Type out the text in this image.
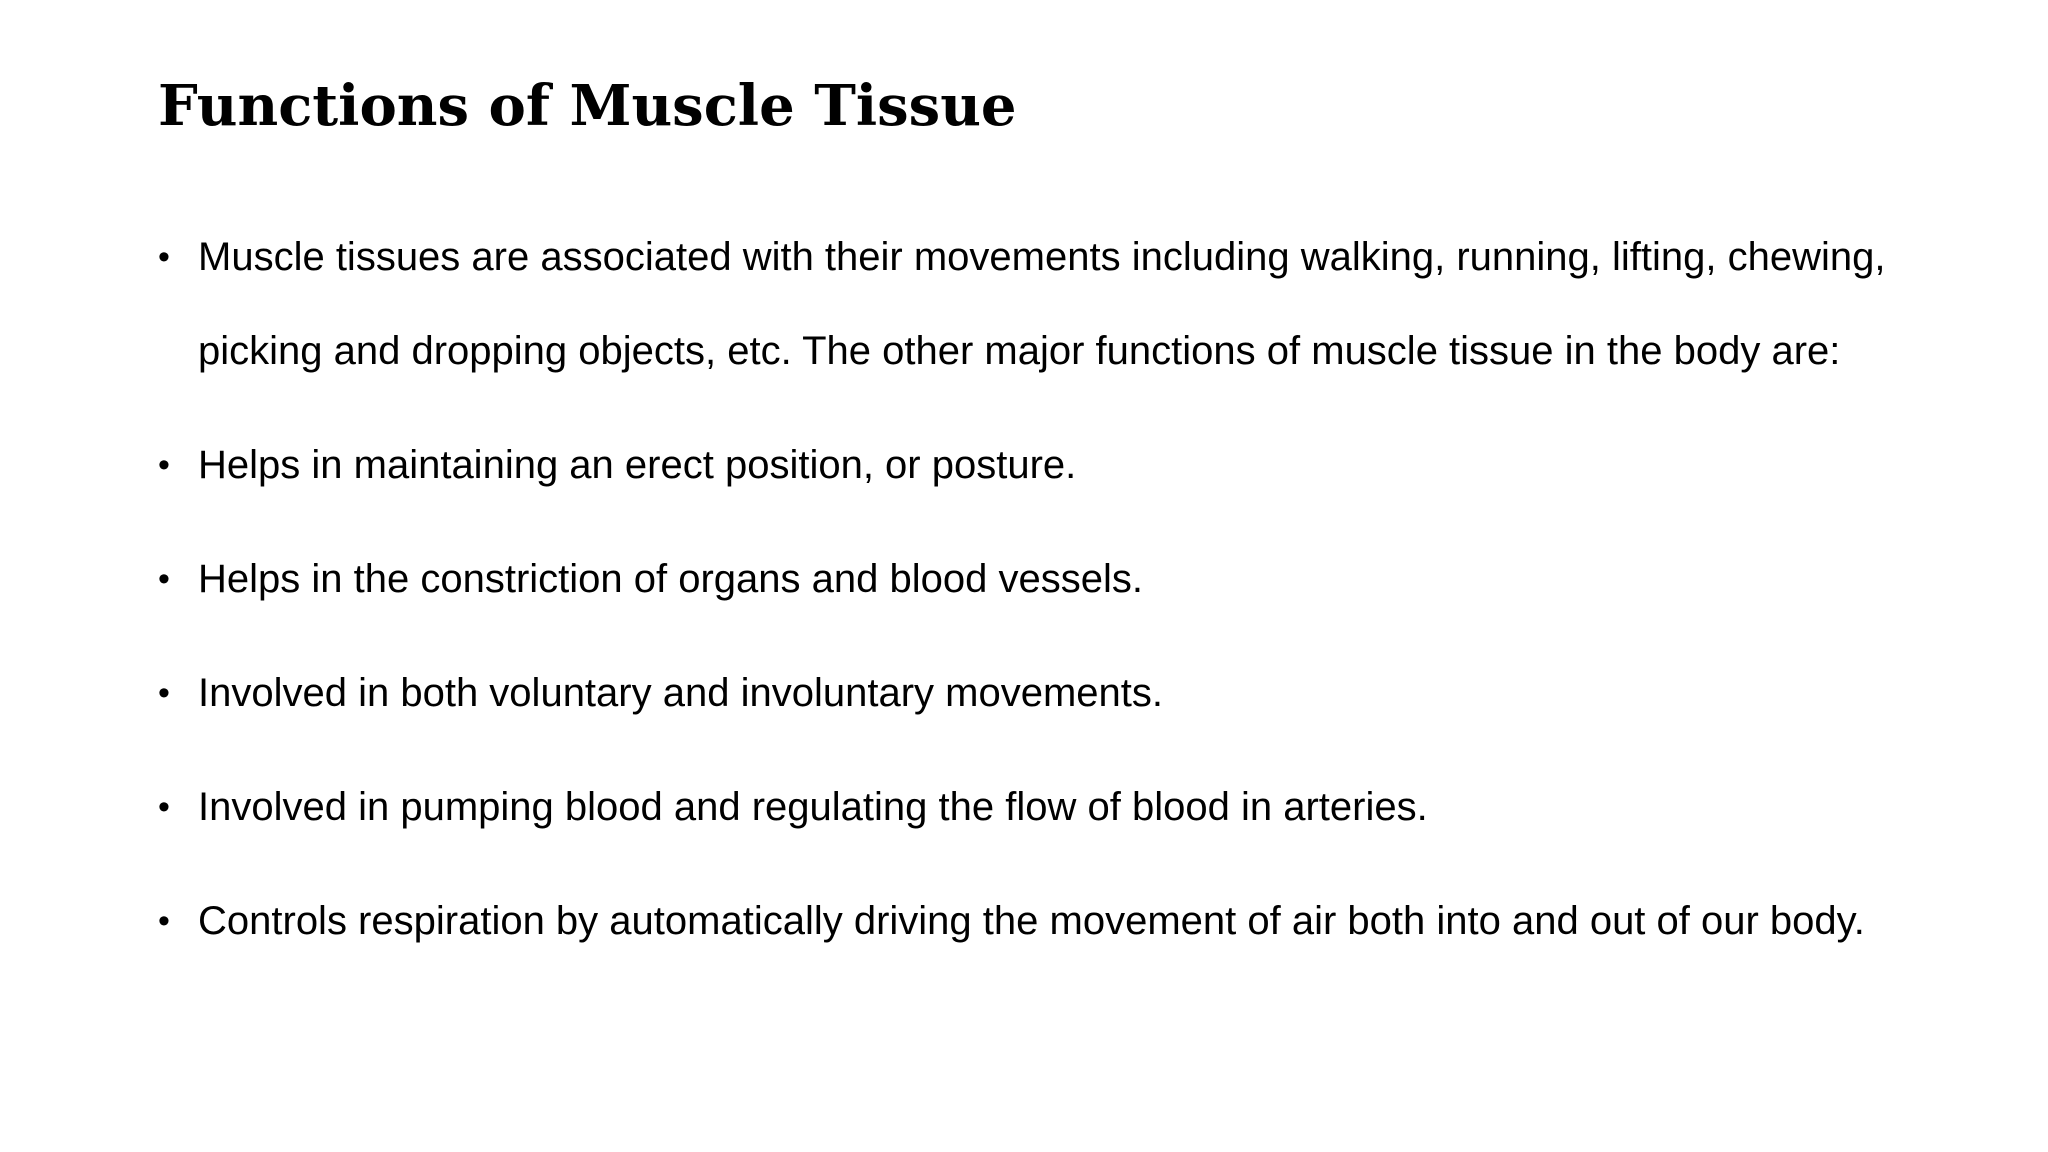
Functions of Muscle Tissue
• Muscle tissues are associated with their movements including walking, running, lifting, chewing, picking and dropping objects, etc. The other major functions of muscle tissue in the body are:
• Helps in maintaining an erect position, or posture.
• Helps in the constriction of organs and blood vessels.
• Involved in both voluntary and involuntary movements.
• Involved in pumping blood and regulating the flow of blood in arteries.
• Controls respiration by automatically driving the movement of air both into and out of our body.
